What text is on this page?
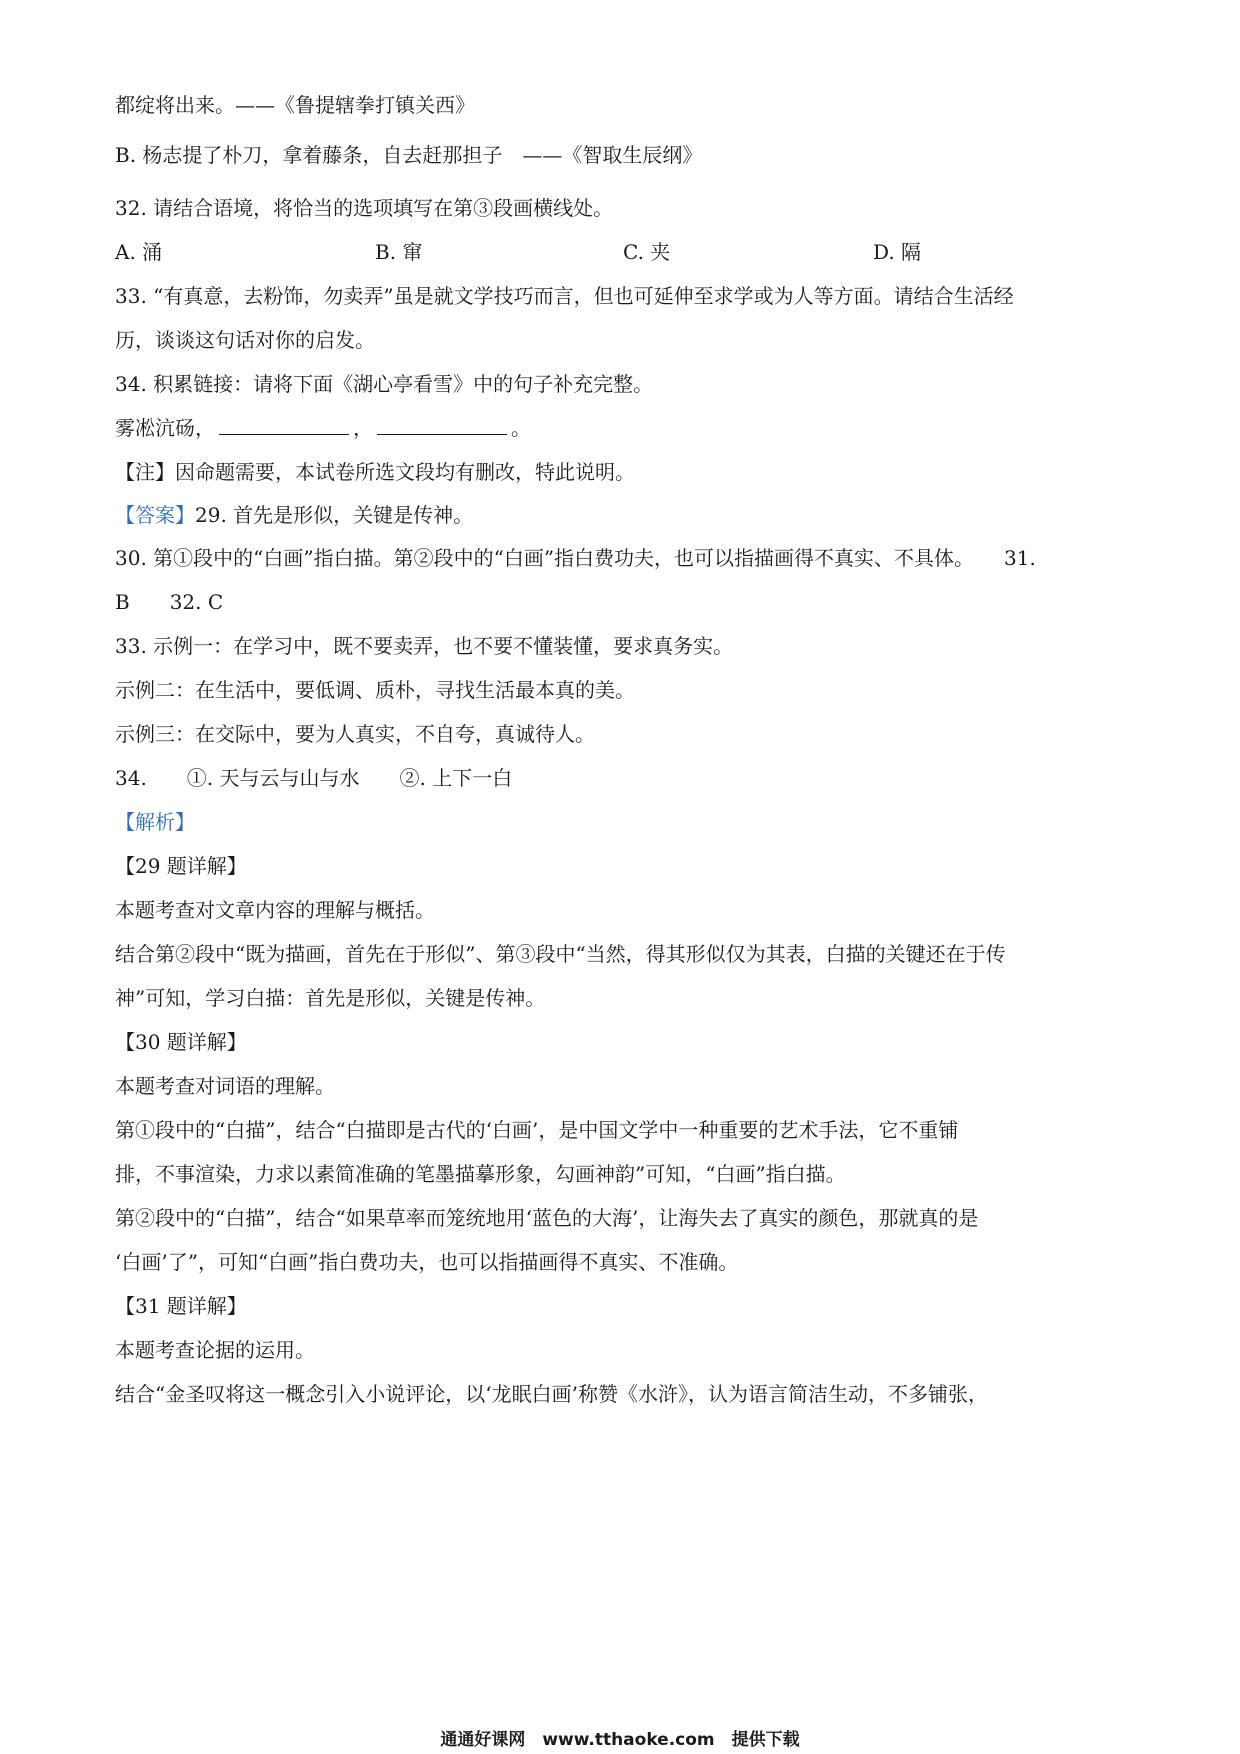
都绽将出来。——《鲁提辖拳打镇关西》
B. 杨志提了朴刀，拿着藤条，自去赶那担子　——《智取生辰纲》
32. 请结合语境，将恰当的选项填写在第③段画横线处。
A. 涌	B. 窜	C. 夹	D. 隔
33. “有真意，去粉饰，勿卖弄”虽是就文学技巧而言，但也可延伸至求学或为人等方面。请结合生活经
历，谈谈这句话对你的启发。
34. 积累链接：请将下面《湖心亭看雪》中的句子补充完整。
雾凇沆砀，	，	。
【注】因命题需要，本试卷所选文段均有删改，特此说明。
【答案】29. 首先是形似，关键是传神。
30. 第①段中的“白画”指白描。第②段中的“白画”指白费功夫，也可以指描画得不真实、不具体。　　31.
B　　32. C
33. 示例一：在学习中，既不要卖弄，也不要不懂装懂，要求真务实。
示例二：在生活中，要低调、质朴，寻找生活最本真的美。
示例三：在交际中，要为人真实，不自夸，真诚待人。
34.　　①. 天与云与山与水　　②. 上下一白
【解析】
【29 题详解】
本题考查对文章内容的理解与概括。
结合第②段中“既为描画，首先在于形似”、第③段中“当然，得其形似仅为其表，白描的关键还在于传
神”可知，学习白描：首先是形似，关键是传神。
【30 题详解】
本题考查对词语的理解。
第①段中的“白描”，结合“白描即是古代的‘白画’，是中国文学中一种重要的艺术手法，它不重铺
排，不事渲染，力求以素简准确的笔墨描摹形象，勾画神韵”可知，“白画”指白描。
第②段中的“白描”，结合“如果草率而笼统地用‘蓝色的大海’，让海失去了真实的颜色，那就真的是
‘白画’了”，可知“白画”指白费功夫，也可以指描画得不真实、不准确。
【31 题详解】
本题考查论据的运用。
结合“金圣叹将这一概念引入小说评论，以‘龙眠白画’称赞《水浒》，认为语言简洁生动，不多铺张，
通通好课网　www.tthaoke.com　提供下载
